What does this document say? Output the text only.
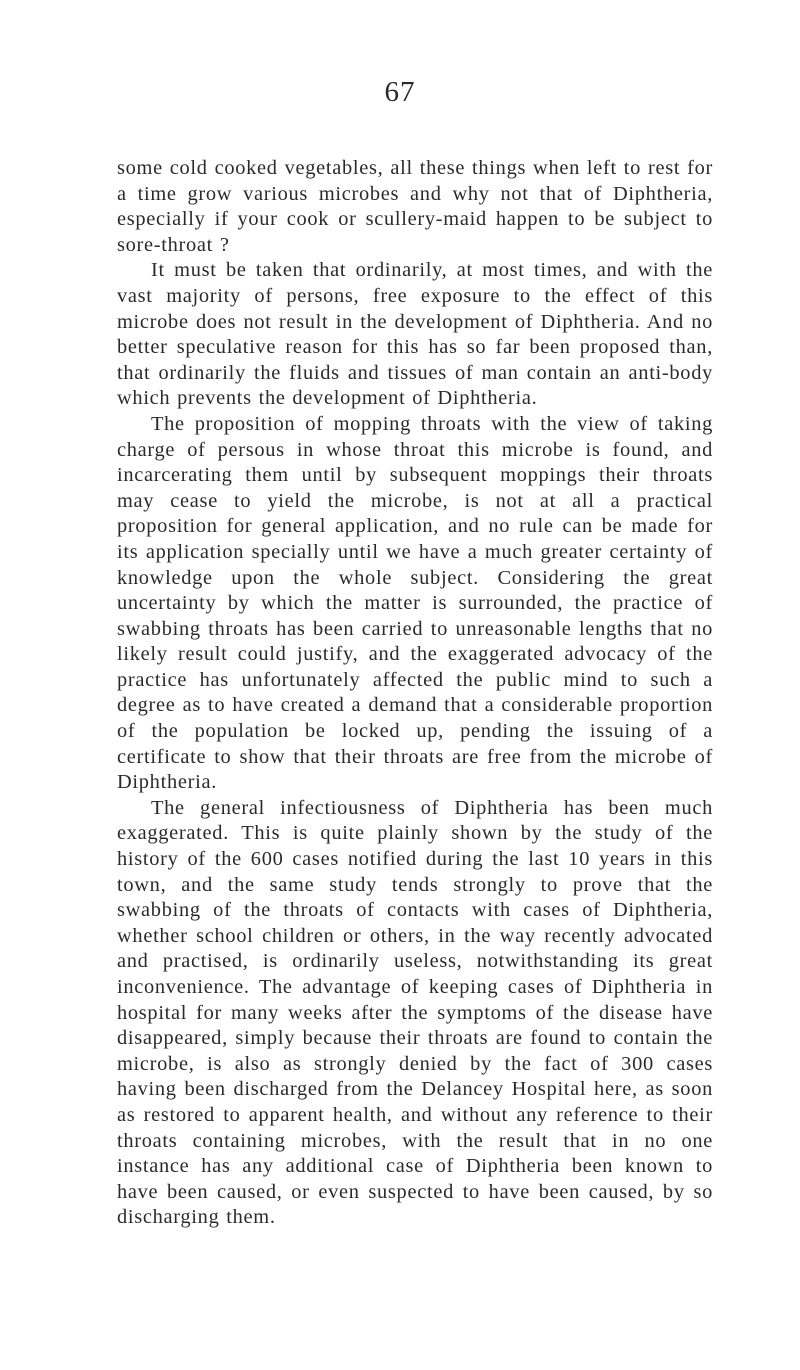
67

some cold cooked vegetables, all these things when left to rest for a time grow various microbes and why not that of Diphtheria, especially if your cook or scullery-maid happen to be subject to sore-throat ?

It must be taken that ordinarily, at most times, and with the vast majority of persons, free exposure to the effect of this microbe does not result in the development of Diphtheria. And no better speculative reason for this has so far been proposed than, that ordinarily the fluids and tissues of man contain an anti-body which prevents the development of Diphtheria.

The proposition of mopping throats with the view of taking charge of persous in whose throat this microbe is found, and incarcerating them until by subsequent moppings their throats may cease to yield the microbe, is not at all a practical proposition for general application, and no rule can be made for its application specially until we have a much greater certainty of knowledge upon the whole subject. Considering the great uncertainty by which the matter is surrounded, the practice of swabbing throats has been carried to unreasonable lengths that no likely result could justify, and the exaggerated advocacy of the practice has unfortunately affected the public mind to such a degree as to have created a demand that a considerable proportion of the population be locked up, pending the issuing of a certificate to show that their throats are free from the microbe of Diphtheria.

The general infectiousness of Diphtheria has been much exaggerated. This is quite plainly shown by the study of the history of the 600 cases notified during the last 10 years in this town, and the same study tends strongly to prove that the swabbing of the throats of contacts with cases of Diphtheria, whether school children or others, in the way recently advocated and practised, is ordinarily useless, notwithstanding its great inconvenience. The advantage of keeping cases of Diphtheria in hospital for many weeks after the symptoms of the disease have disappeared, simply because their throats are found to contain the microbe, is also as strongly denied by the fact of 300 cases having been discharged from the Delancey Hospital here, as soon as restored to apparent health, and without any reference to their throats containing microbes, with the result that in no one instance has any additional case of Diphtheria been known to have been caused, or even suspected to have been caused, by so discharging them.
